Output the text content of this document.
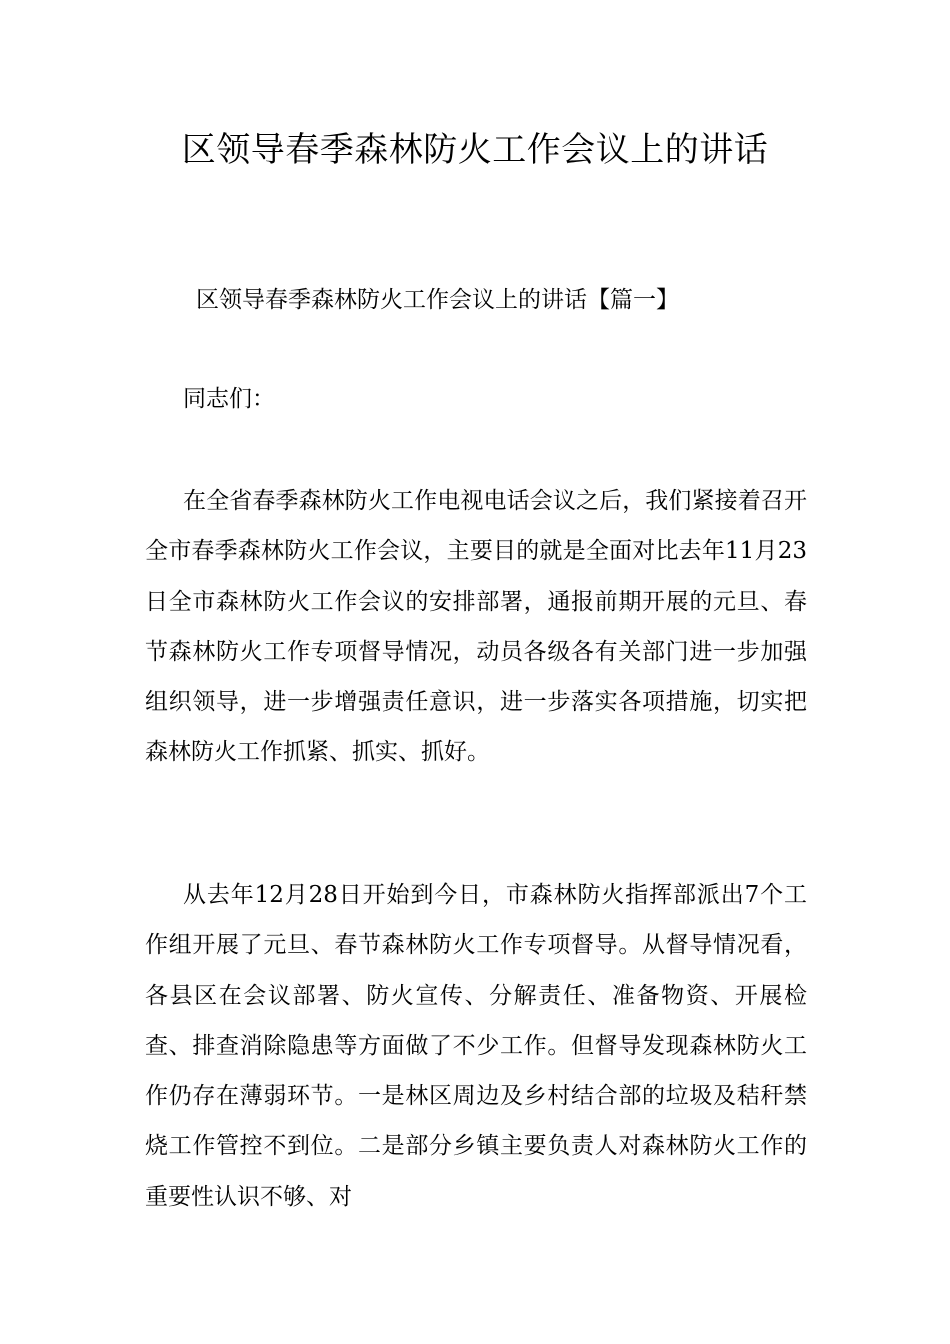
区领导春季森林防火工作会议上的讲话

区领导春季森林防火工作会议上的讲话【篇一】

同志们：

在全省春季森林防火工作电视电话会议之后，我们紧接着召开全市春季森林防火工作会议，主要目的就是全面对比去年11月23日全市森林防火工作会议的安排部署，通报前期开展的元旦、春节森林防火工作专项督导情况，动员各级各有关部门进一步加强组织领导，进一步增强责任意识，进一步落实各项措施，切实把森林防火工作抓紧、抓实、抓好。

从去年12月28日开始到今日，市森林防火指挥部派出7个工作组开展了元旦、春节森林防火工作专项督导。从督导情况看，各县区在会议部署、防火宣传、分解责任、准备物资、开展检查、排查消除隐患等方面做了不少工作。但督导发现森林防火工作仍存在薄弱环节。一是林区周边及乡村结合部的垃圾及秸秆禁烧工作管控不到位。二是部分乡镇主要负责人对森林防火工作的重要性认识不够、对
